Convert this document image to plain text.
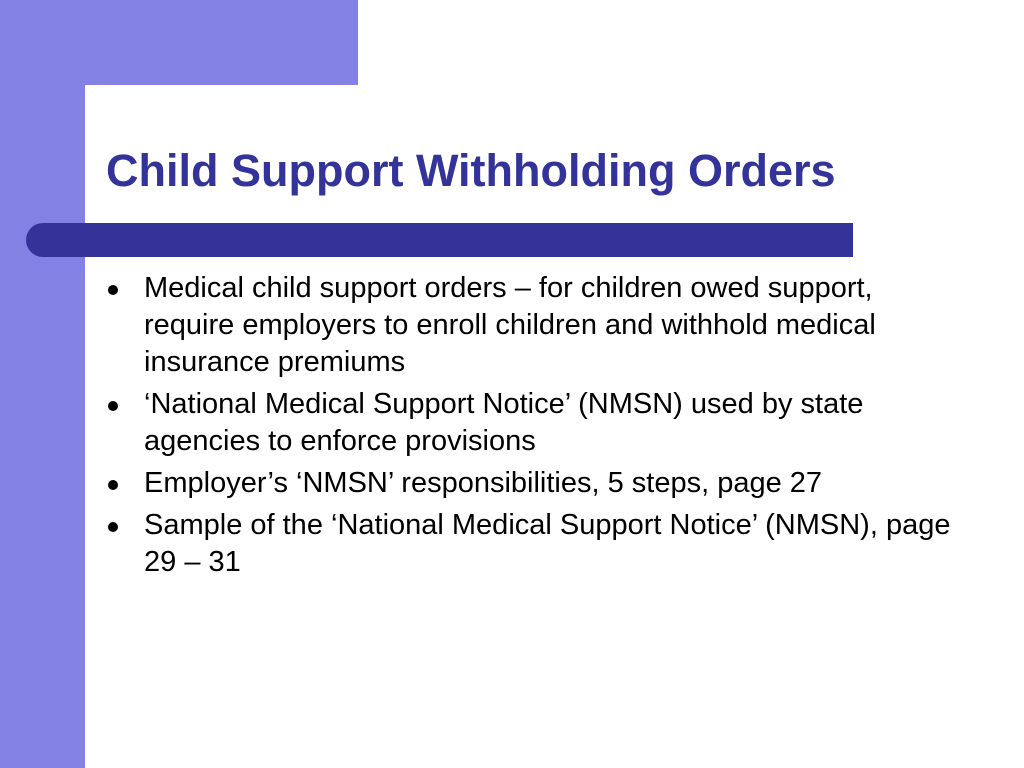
Child Support Withholding Orders
Medical child support orders – for children owed support, require employers to enroll children and withhold medical insurance premiums
‘National Medical Support Notice’ (NMSN) used by state agencies to enforce provisions
Employer’s ‘NMSN’ responsibilities, 5 steps, page 27
Sample of the ‘National Medical Support Notice’ (NMSN), page 29 – 31
